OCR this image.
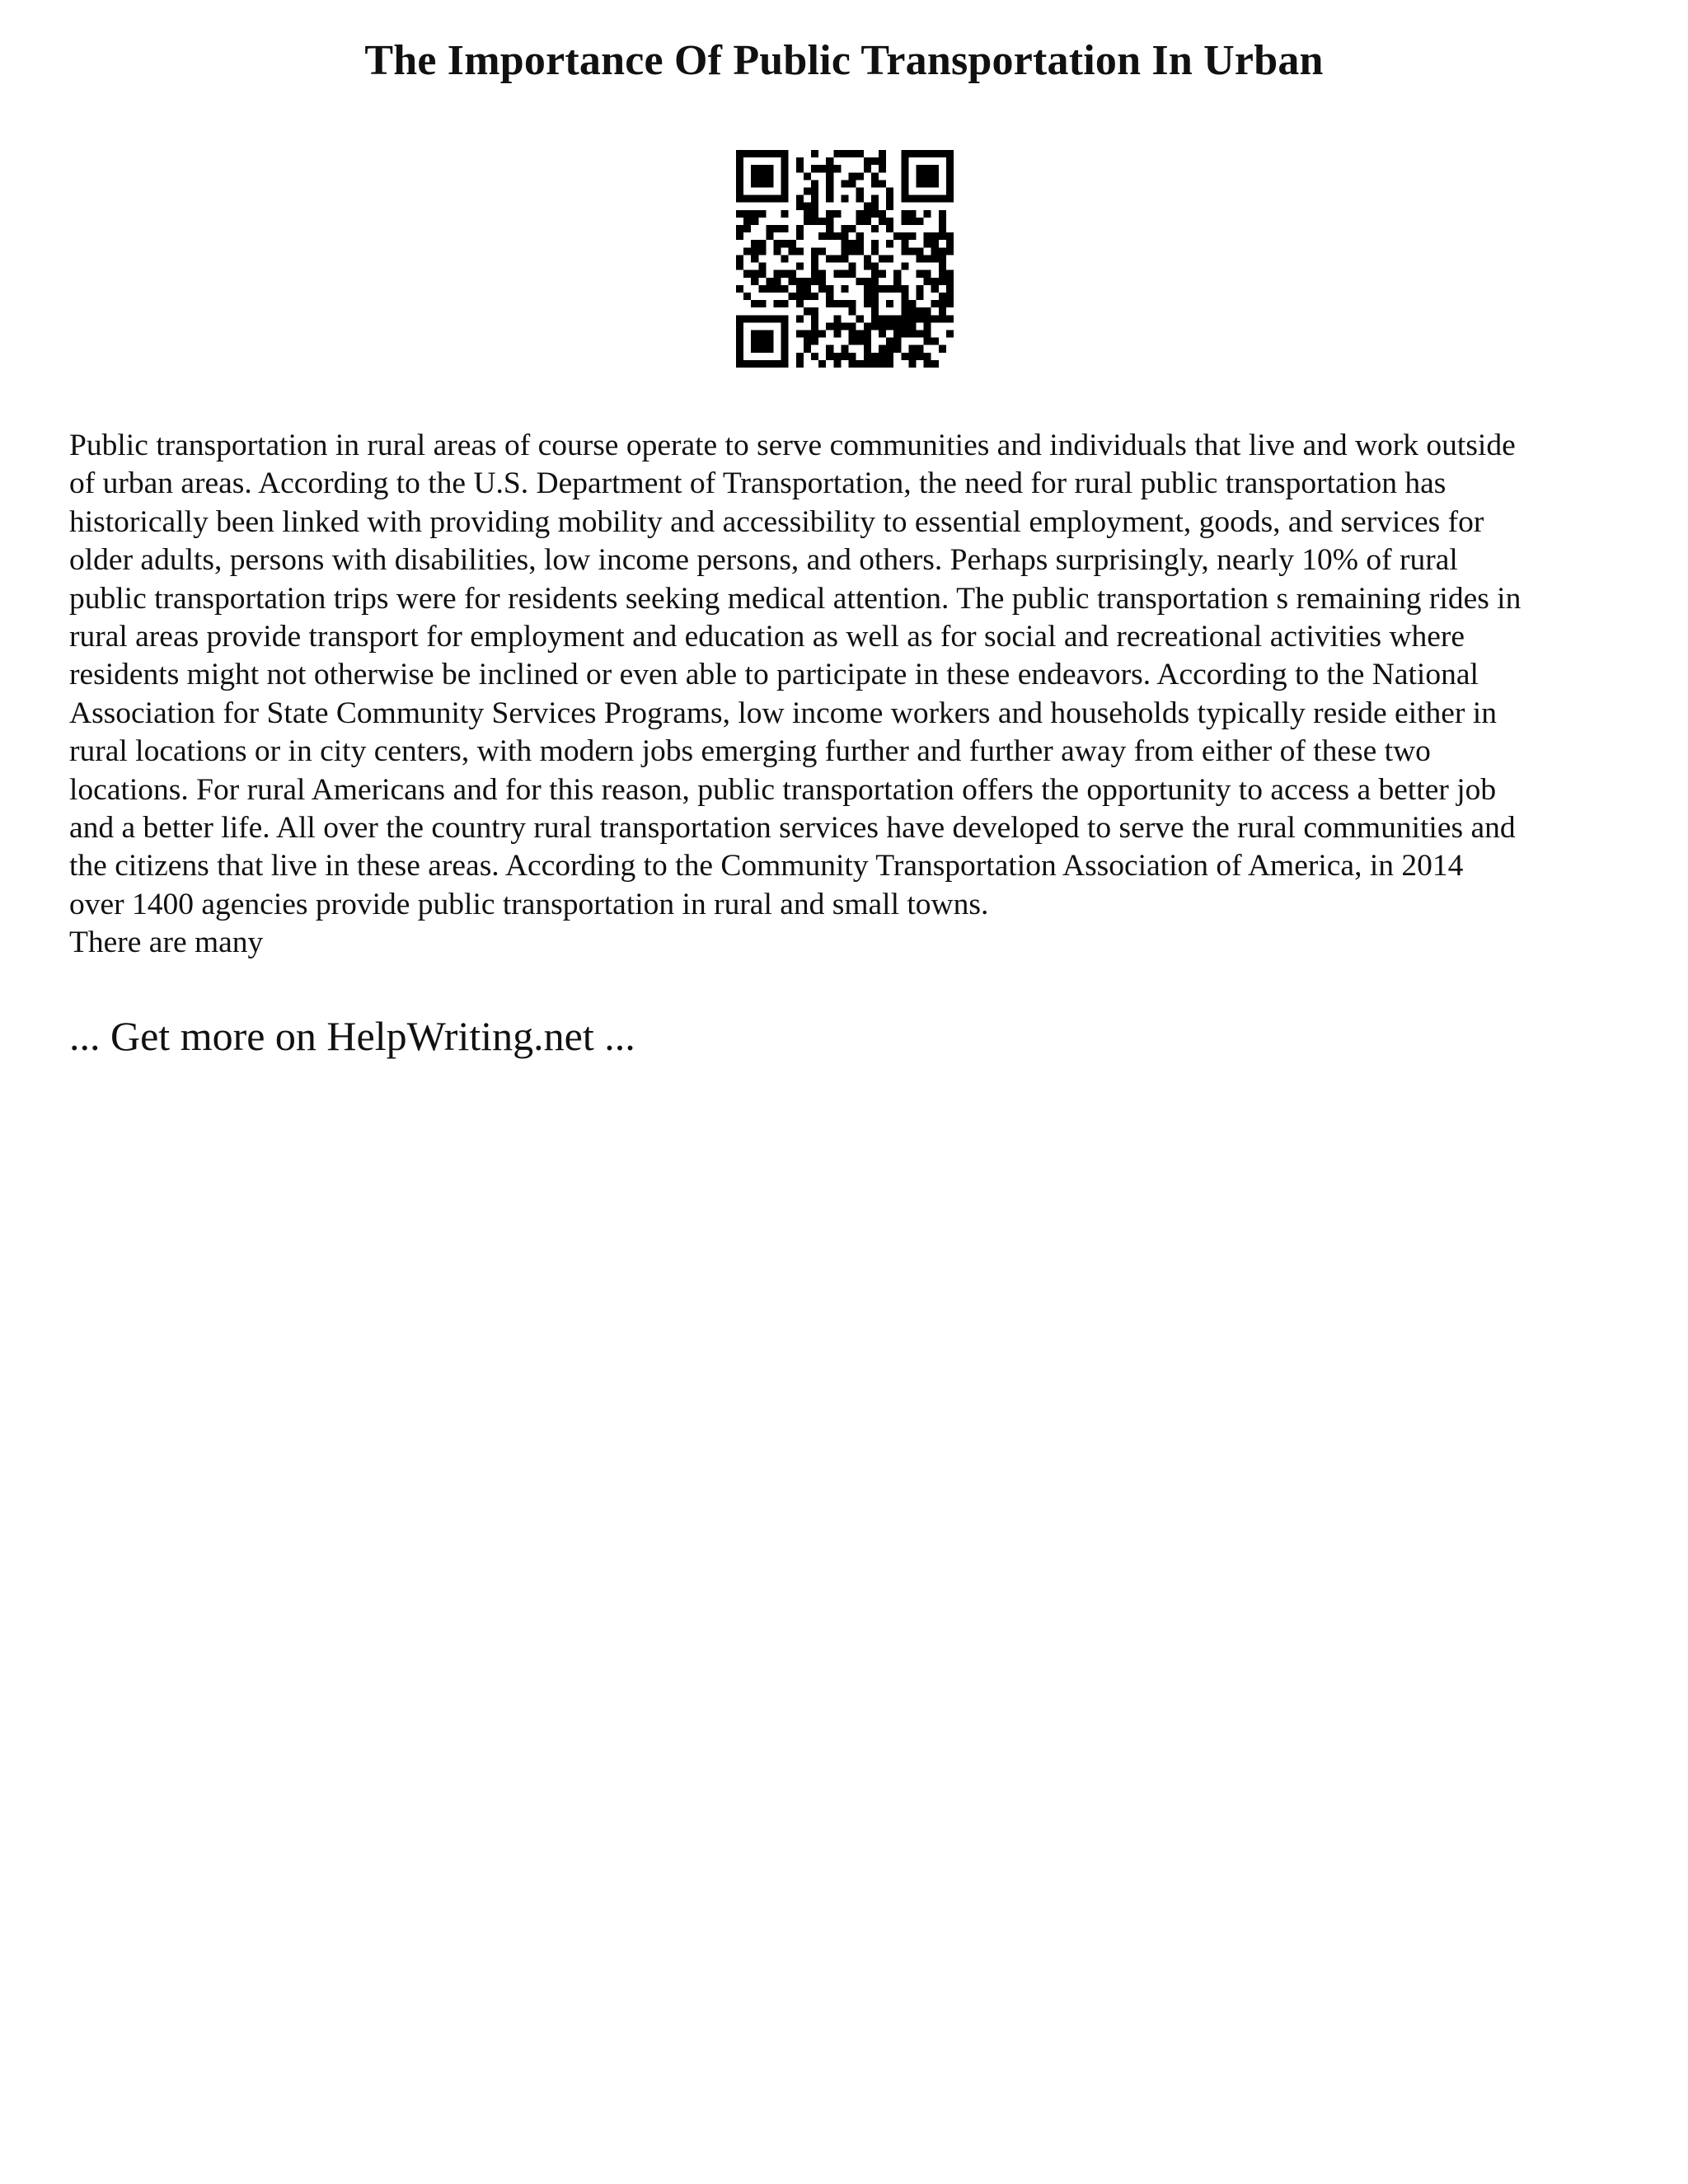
The Importance Of Public Transportation In Urban
Public transportation in rural areas of course operate to serve communities and individuals that live and work outside
of urban areas. According to the U.S. Department of Transportation, the need for rural public transportation has
historically been linked with providing mobility and accessibility to essential employment, goods, and services for
older adults, persons with disabilities, low income persons, and others. Perhaps surprisingly, nearly 10% of rural
public transportation trips were for residents seeking medical attention. The public transportation s remaining rides in
rural areas provide transport for employment and education as well as for social and recreational activities where
residents might not otherwise be inclined or even able to participate in these endeavors. According to the National
Association for State Community Services Programs, low income workers and households typically reside either in
rural locations or in city centers, with modern jobs emerging further and further away from either of these two
locations. For rural Americans and for this reason, public transportation offers the opportunity to access a better job
and a better life. All over the country rural transportation services have developed to serve the rural communities and
the citizens that live in these areas. According to the Community Transportation Association of America, in 2014
over 1400 agencies provide public transportation in rural and small towns.
There are many
... Get more on HelpWriting.net ...
